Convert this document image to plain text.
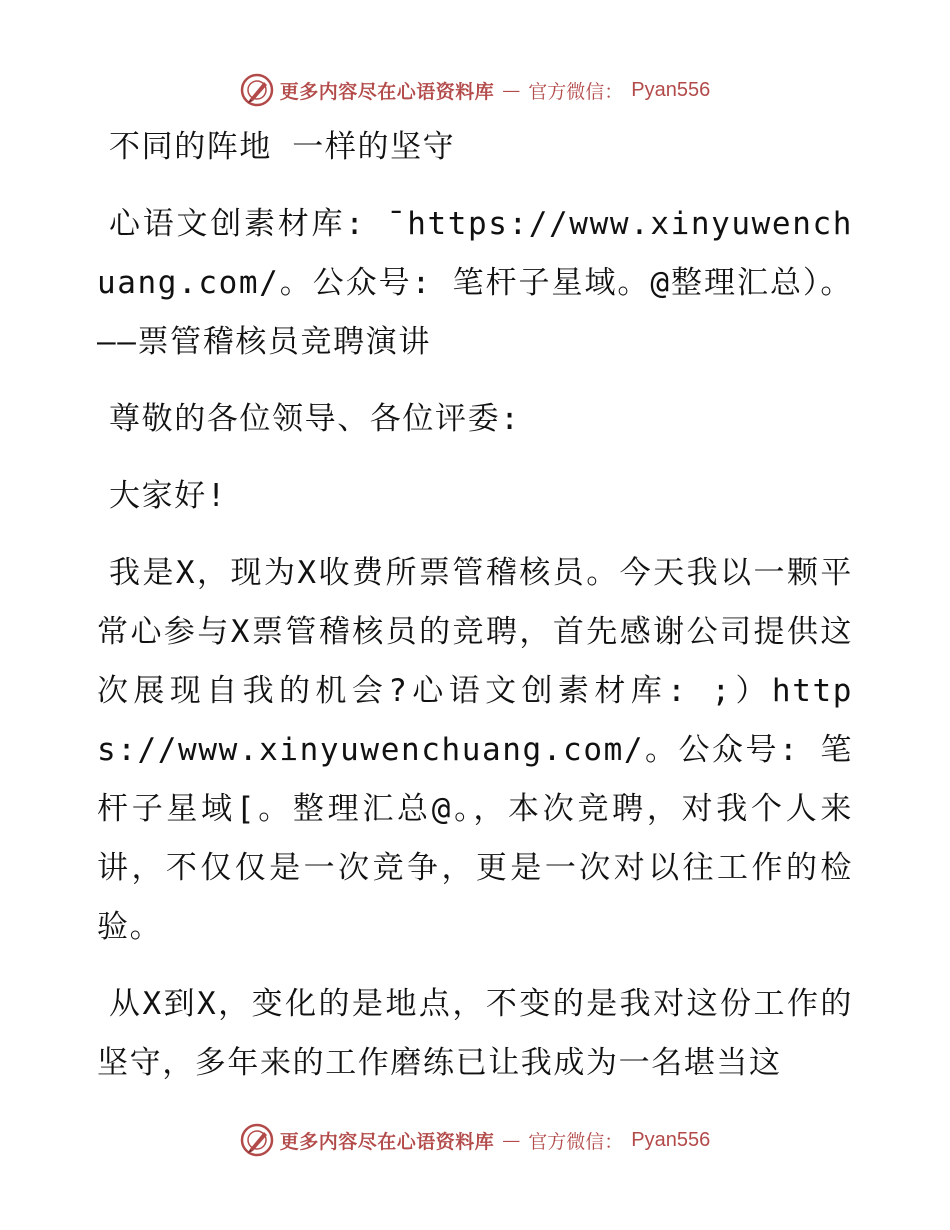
更多内容尽在心语资料库 — 官方微信： Pyan556

不同的阵地 一样的坚守

心语文创素材库: ¯https://www.xinyuwenchuang.com/。公众号: 笔杆子星域。@整理汇总）。——票管稽核员竞聘演讲

尊敬的各位领导、各位评委:

大家好!

我是X，现为X收费所票管稽核员。今天我以一颗平常心参与X票管稽核员的竞聘，首先感谢公司提供这次展现自我的机会?心语文创素材库: ;）https://www.xinyuwenchuang.com/。公众号: 笔杆子星域[。整理汇总@。，本次竞聘，对我个人来讲，不仅仅是一次竞争，更是一次对以往工作的检验。

从X到X，变化的是地点，不变的是我对这份工作的坚守，多年来的工作磨练已让我成为一名堪当这

更多内容尽在心语资料库 — 官方微信： Pyan556
